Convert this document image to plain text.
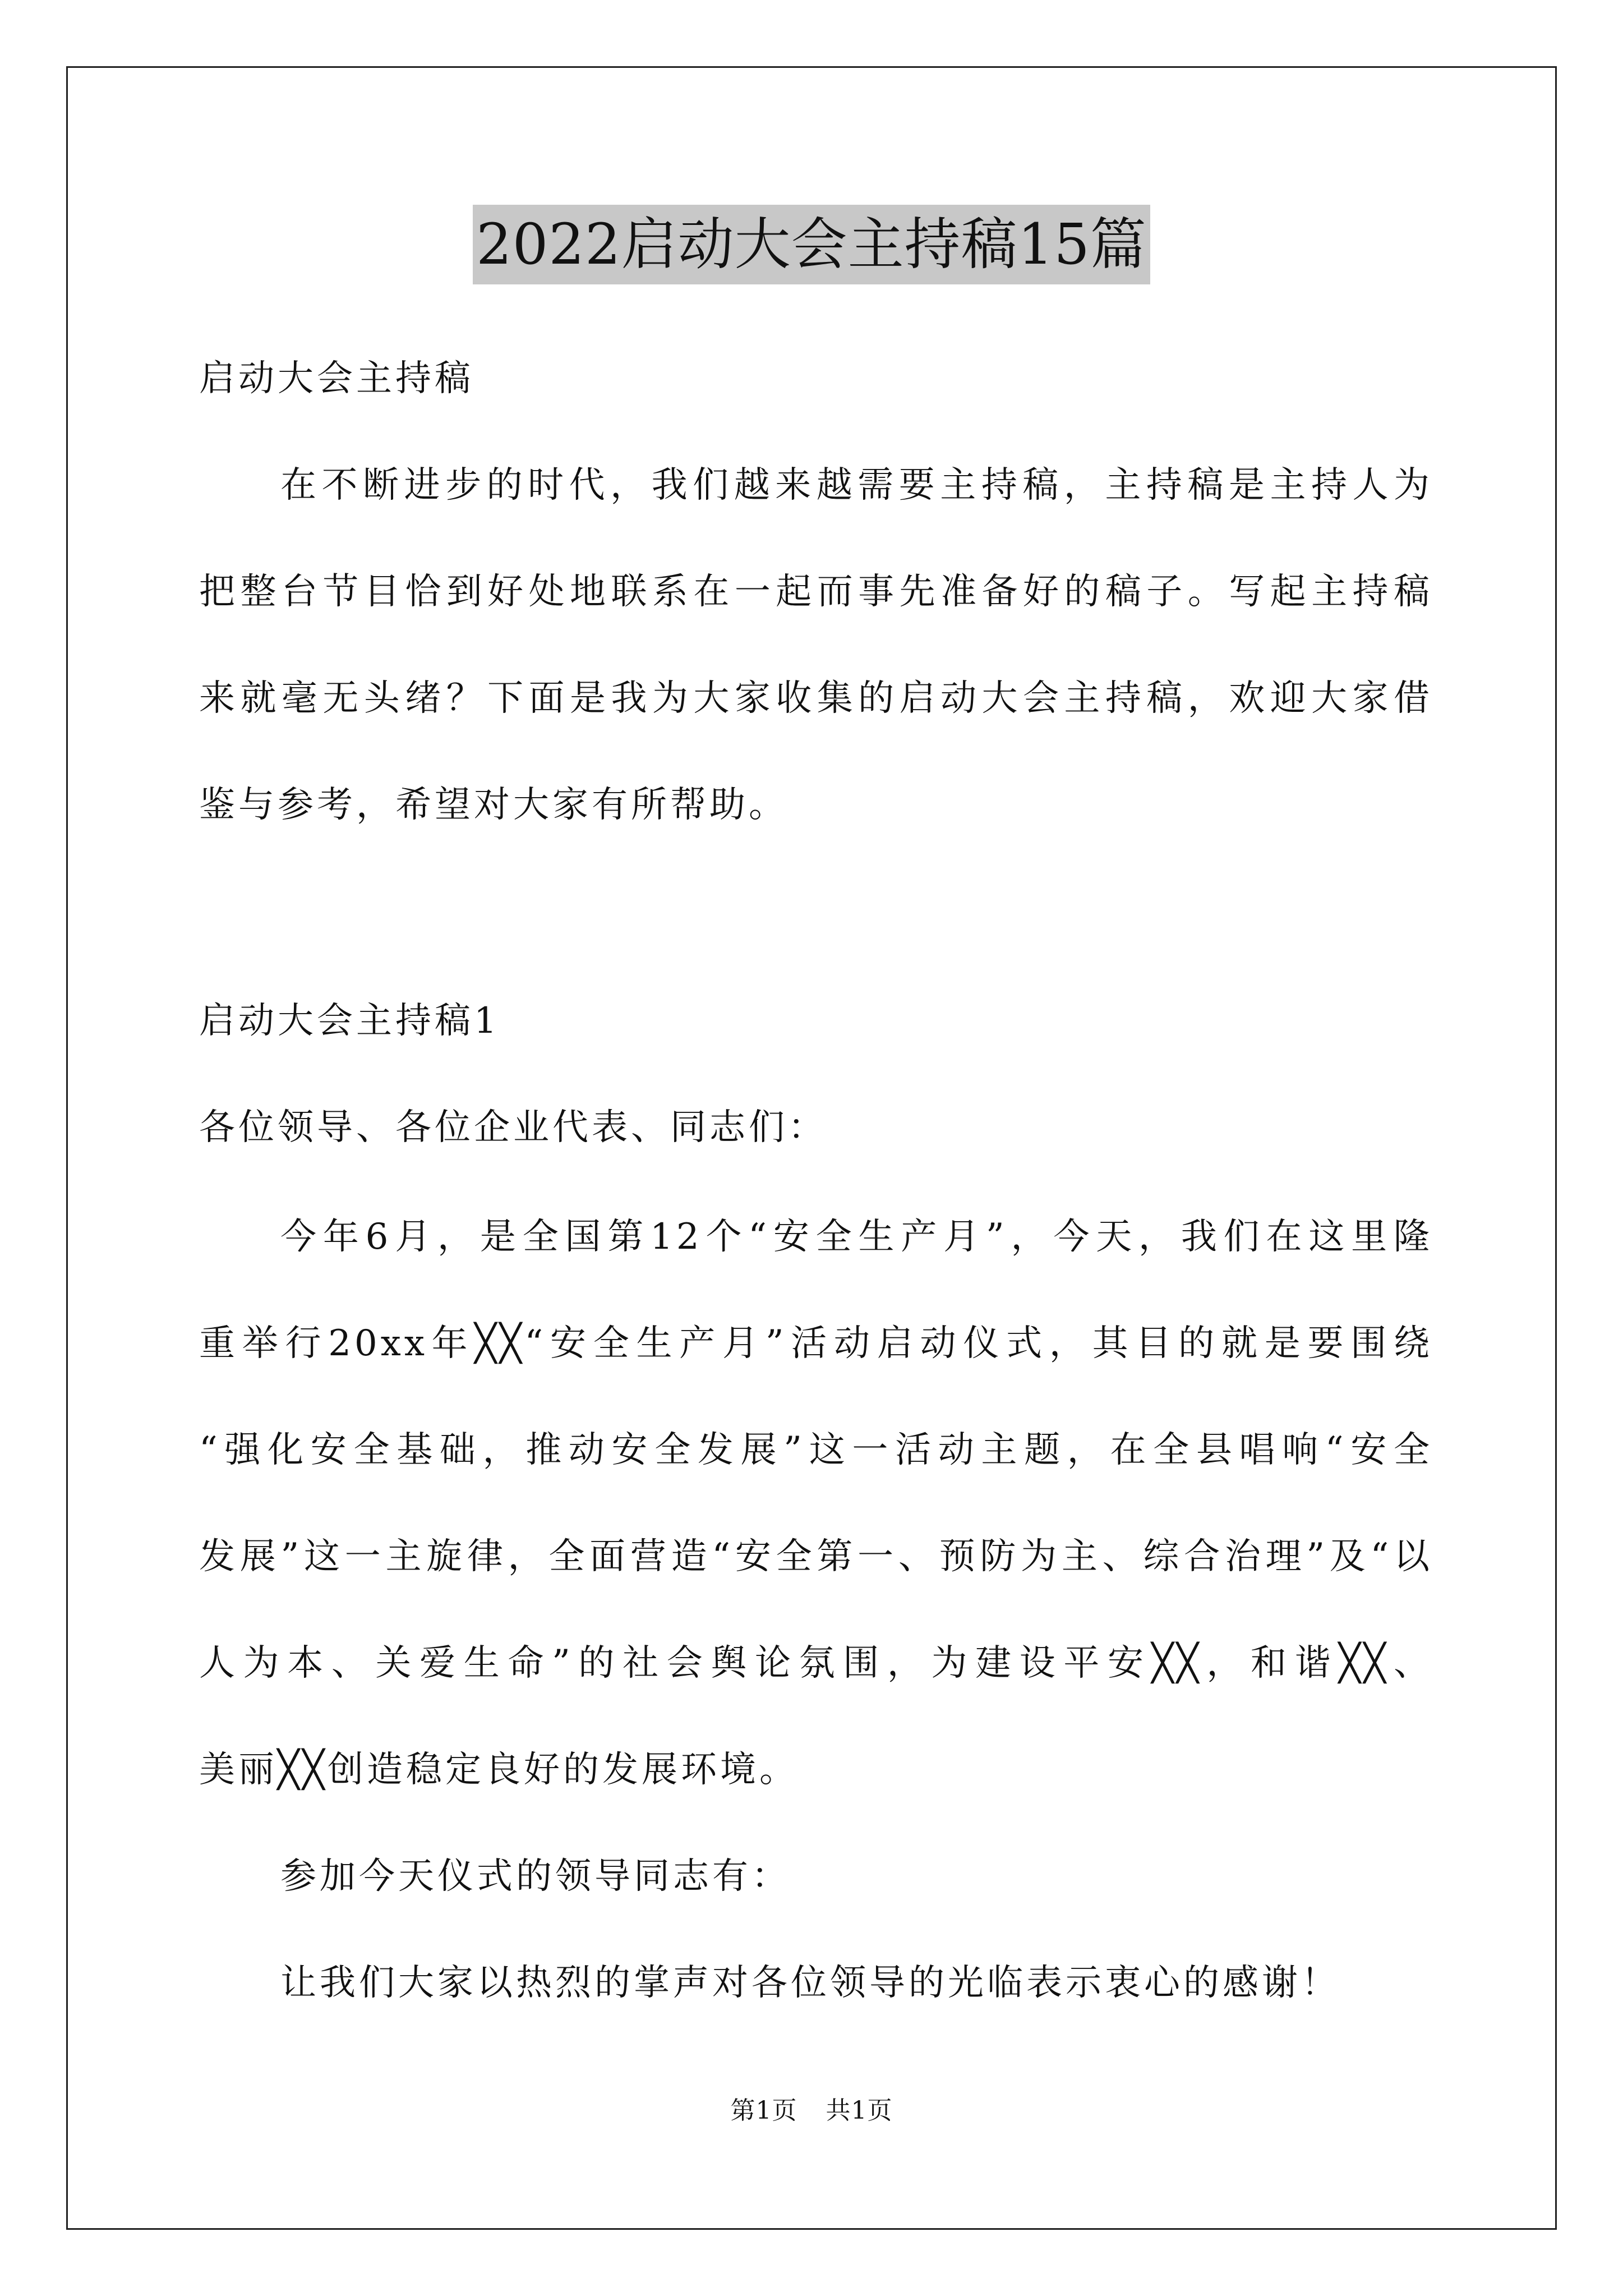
2022启动大会主持稿15篇
启动大会主持稿
在不断进步的时代，我们越来越需要主持稿，主持稿是主持人为
把整台节目恰到好处地联系在一起而事先准备好的稿子。写起主持稿
来就毫无头绪？下面是我为大家收集的启动大会主持稿，欢迎大家借
鉴与参考，希望对大家有所帮助。
启动大会主持稿1
各位领导、各位企业代表、同志们：
今年6月，是全国第12个“安全生产月”，今天，我们在这里隆
重举行20xx年╳╳“安全生产月”活动启动仪式，其目的就是要围绕
“强化安全基础，推动安全发展”这一活动主题，在全县唱响“安全
发展”这一主旋律，全面营造“安全第一、预防为主、综合治理”及“以
人为本、关爱生命”的社会舆论氛围，为建设平安╳╳，和谐╳╳、
美丽╳╳创造稳定良好的发展环境。
参加今天仪式的领导同志有：
让我们大家以热烈的掌声对各位领导的光临表示衷心的感谢！
第1页 共1页
